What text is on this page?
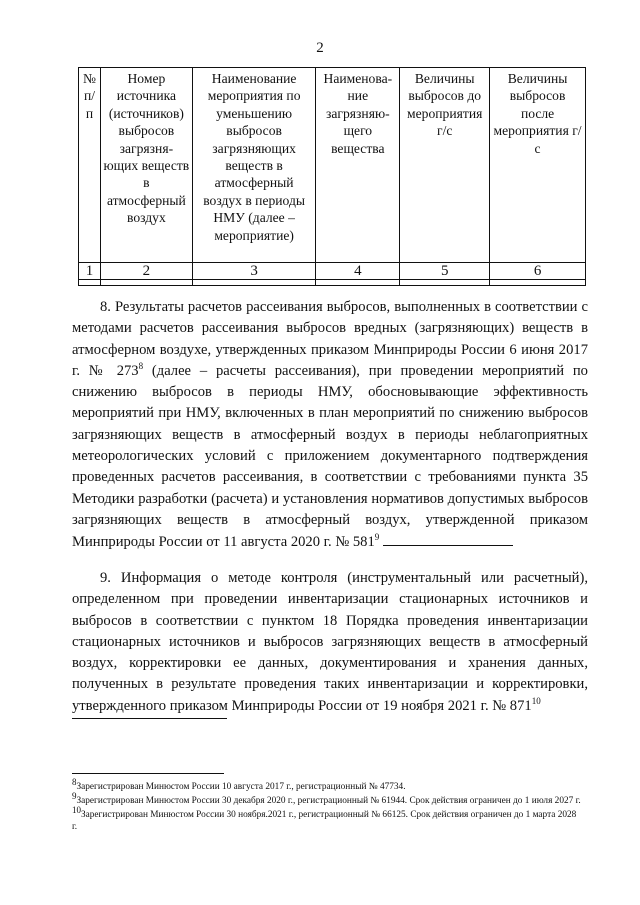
2
№ п/п	Номер источника (источников) выбросов загрязня-ющих веществ в атмосферный воздух	Наименование мероприятия по уменьшению выбросов загрязняющих веществ в атмосферный воздух в периоды НМУ (далее – мероприятие)	Наименова-ние загрязняю-щего вещества	Величины выбросов до мероприятия г/с	Величины выбросов после мероприятия г/с
1	2	3	4	5	6

8. Результаты расчетов рассеивания выбросов, выполненных в соответствии с методами расчетов рассеивания выбросов вредных (загрязняющих) веществ в атмосферном воздухе, утвержденных приказом Минприроды России 6 июня 2017 г. № $273^8$ (далее – расчеты рассеивания), при проведении мероприятий по снижению выбросов в периоды НМУ, обосновывающие эффективность мероприятий при НМУ, включенных в план мероприятий по снижению выбросов загрязняющих веществ в атмосферный воздух в периоды неблагоприятных метеорологических условий с приложением документарного подтверждения проведенных расчетов рассеивания, в соответствии с требованиями пункта 35 Методики разработки (расчета) и установления нормативов допустимых выбросов загрязняющих веществ в атмосферный воздух, утвержденной приказом Минприроды России от 11 августа 2020 г. № $581^9$

9. Информация о методе контроля (инструментальный или расчетный), определенном при проведении инвентаризации стационарных источников и выбросов в соответствии с пунктом 18 Порядка проведения инвентаризации стационарных источников и выбросов загрязняющих веществ в атмосферный воздух, корректировки ее данных, документирования и хранения данных, полученных в результате проведения таких инвентаризации и корректировки, утвержденного приказом Минприроды России от 19 ноября 2021 г. № $871^{10}$

$^8$Зарегистрирован Минюстом России 10 августа 2017 г., регистрационный № 47734.

$^9$Зарегистрирован Минюстом России 30 декабря 2020 г., регистрационный № 61944. Срок действия ограничен до 1 июля 2027 г.

$^{10}$Зарегистрирован Минюстом России 30 ноября.2021 г., регистрационный № 66125. Срок действия ограничен до 1 марта 2028 г.
